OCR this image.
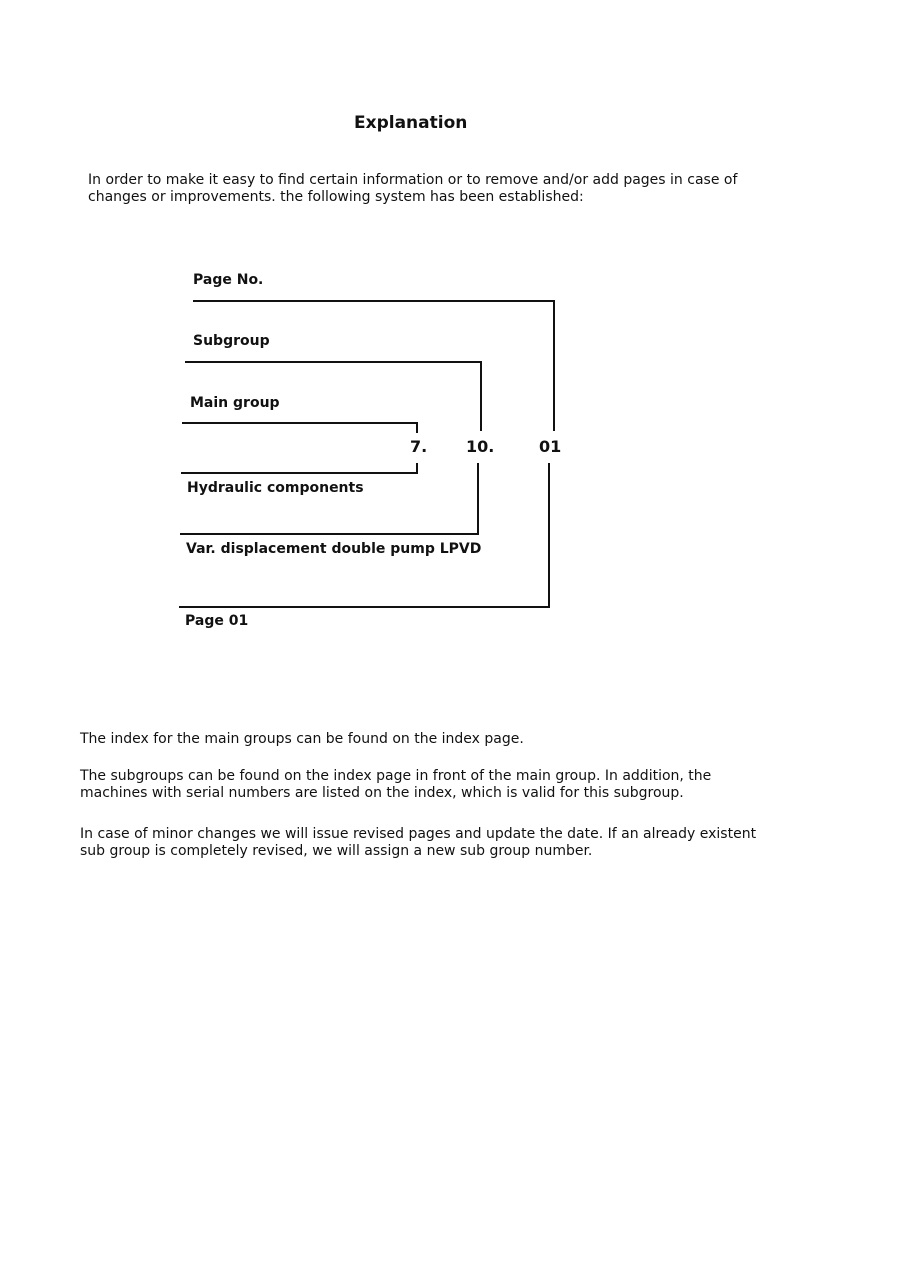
Explanation
In order to make it easy to find certain information or to remove and/or add pages in case of changes or improvements. the following system has been established:
Page No.
Subgroup
Main group
7. 10.	01
Hydraulic components
Var. displacement double pump LPVD
Page 01
The index for the main groups can be found on the index page.
The subgroups can be found on the index page in front of the main group. In addition, the machines with serial numbers are listed on the index, which is valid for this subgroup.
In case of minor changes we will issue revised pages and update the date. If an already existent sub group is completely revised, we will assign a new sub group number.
